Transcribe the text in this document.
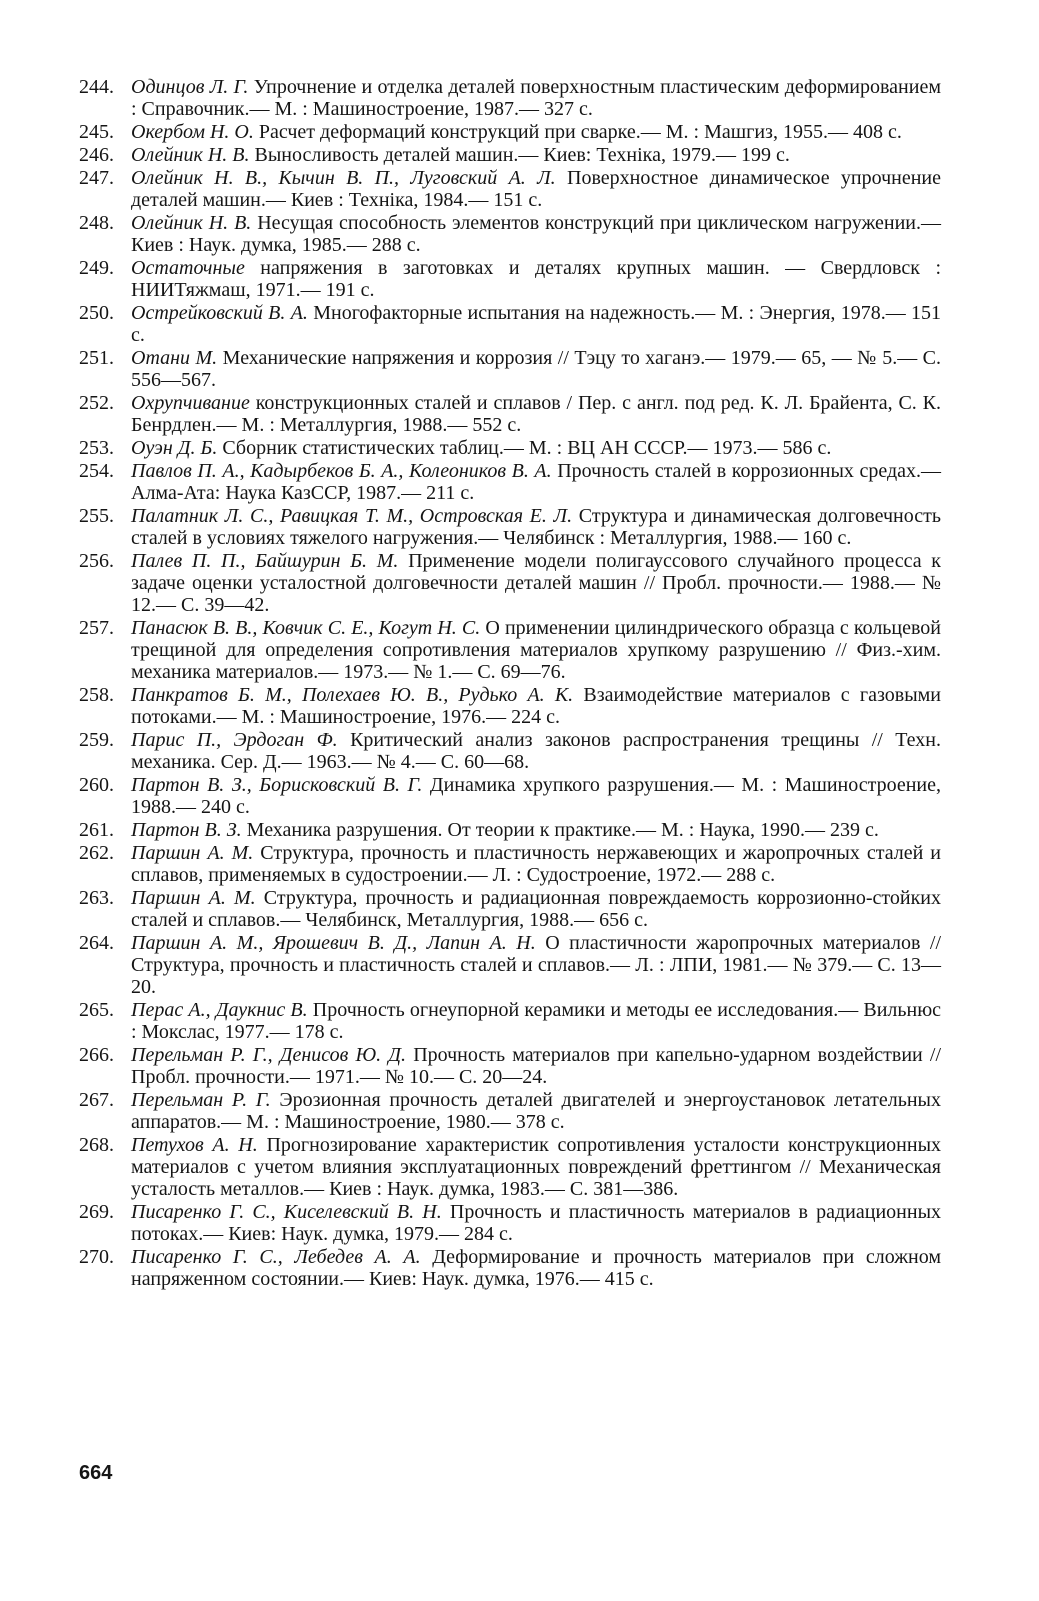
244. Одинцов Л. Г. Упрочнение и отделка деталей поверхностным пластическим деформированием : Справочник.— М. : Машиностроение, 1987.— 327 с.
245. Окербом Н. О. Расчет деформаций конструкций при сварке.— М. : Машгиз, 1955.— 408 с.
246. Олейник Н. В. Выносливость деталей машин.— Киев: Техніка, 1979.— 199 с.
247. Олейник Н. В., Кычин В. П., Луговский А. Л. Поверхностное динамическое упрочнение деталей машин.— Киев : Техніка, 1984.— 151 с.
248. Олейник Н. В. Несущая способность элементов конструкций при циклическом нагружении.— Киев : Наук. думка, 1985.— 288 с.
249. Остаточные напряжения в заготовках и деталях крупных машин. — Свердловск : НИИТяжмаш, 1971.— 191 с.
250. Острейковский В. А. Многофакторные испытания на надежность.— М. : Энергия, 1978.— 151 с.
251. Отани М. Механические напряжения и коррозия // Тэцу то хаганэ.— 1979.— 65, — № 5.— С. 556—567.
252. Охрупчивание конструкционных сталей и сплавов / Пер. с англ. под ред. К. Л. Брайента, С. К. Бенрдлен.— М. : Металлургия, 1988.— 552 с.
253. Оуэн Д. Б. Сборник статистических таблиц.— М. : ВЦ АН СССР.— 1973.— 586 с.
254. Павлов П. А., Кадырбеков Б. А., Колеоников В. А. Прочность сталей в коррозионных средах.— Алма-Ата: Наука КазССР, 1987.— 211 с.
255. Палатник Л. С., Равицкая Т. М., Островская Е. Л. Структура и динамическая долговечность сталей в условиях тяжелого нагружения.— Челябинск : Металлургия, 1988.— 160 с.
256. Палев П. П., Байшурин Б. М. Применение модели полигауссового случайного процесса к задаче оценки усталостной долговечности деталей машин // Пробл. прочности.— 1988.— № 12.— С. 39—42.
257. Панасюк В. В., Ковчик С. Е., Когут Н. С. О применении цилиндрического образца с кольцевой трещиной для определения сопротивления материалов хрупкому разрушению // Физ.-хим. механика материалов.— 1973.— № 1.— С. 69—76.
258. Панкратов Б. М., Полехаев Ю. В., Рудько А. К. Взаимодействие материалов с газовыми потоками.— М. : Машиностроение, 1976.— 224 с.
259. Парис П., Эрдоган Ф. Критический анализ законов распространения трещины // Техн. механика. Сер. Д.— 1963.— № 4.— С. 60—68.
260. Партон В. З., Борисковский В. Г. Динамика хрупкого разрушения.— М. : Машиностроение, 1988.— 240 с.
261. Партон В. З. Механика разрушения. От теории к практике.— М. : Наука, 1990.— 239 с.
262. Паршин А. М. Структура, прочность и пластичность нержавеющих и жаропрочных сталей и сплавов, применяемых в судостроении.— Л. : Судостроение, 1972.— 288 с.
263. Паршин А. М. Структура, прочность и радиационная повреждаемость коррозионно-стойких сталей и сплавов.— Челябинск, Металлургия, 1988.— 656 с.
264. Паршин А. М., Ярошевич В. Д., Лапин А. Н. О пластичности жаропрочных материалов // Структура, прочность и пластичность сталей и сплавов.— Л. : ЛПИ, 1981.— № 379.— С. 13—20.
265. Перас А., Даукнис В. Прочность огнеупорной керамики и методы ее исследования.— Вильнюс : Мокслас, 1977.— 178 с.
266. Перельман Р. Г., Денисов Ю. Д. Прочность материалов при капельно-ударном воздействии // Пробл. прочности.— 1971.— № 10.— С. 20—24.
267. Перельман Р. Г. Эрозионная прочность деталей двигателей и энергоустановок летательных аппаратов.— М. : Машиностроение, 1980.— 378 с.
268. Петухов А. Н. Прогнозирование характеристик сопротивления усталости конструкционных материалов с учетом влияния эксплуатационных повреждений фреттингом // Механическая усталость металлов.— Киев : Наук. думка, 1983.— С. 381—386.
269. Писаренко Г. С., Киселевский В. Н. Прочность и пластичность материалов в радиационных потоках.— Киев: Наук. думка, 1979.— 284 с.
270. Писаренко Г. С., Лебедев А. А. Деформирование и прочность материалов при сложном напряженном состоянии.— Киев: Наук. думка, 1976.— 415 с.
664
